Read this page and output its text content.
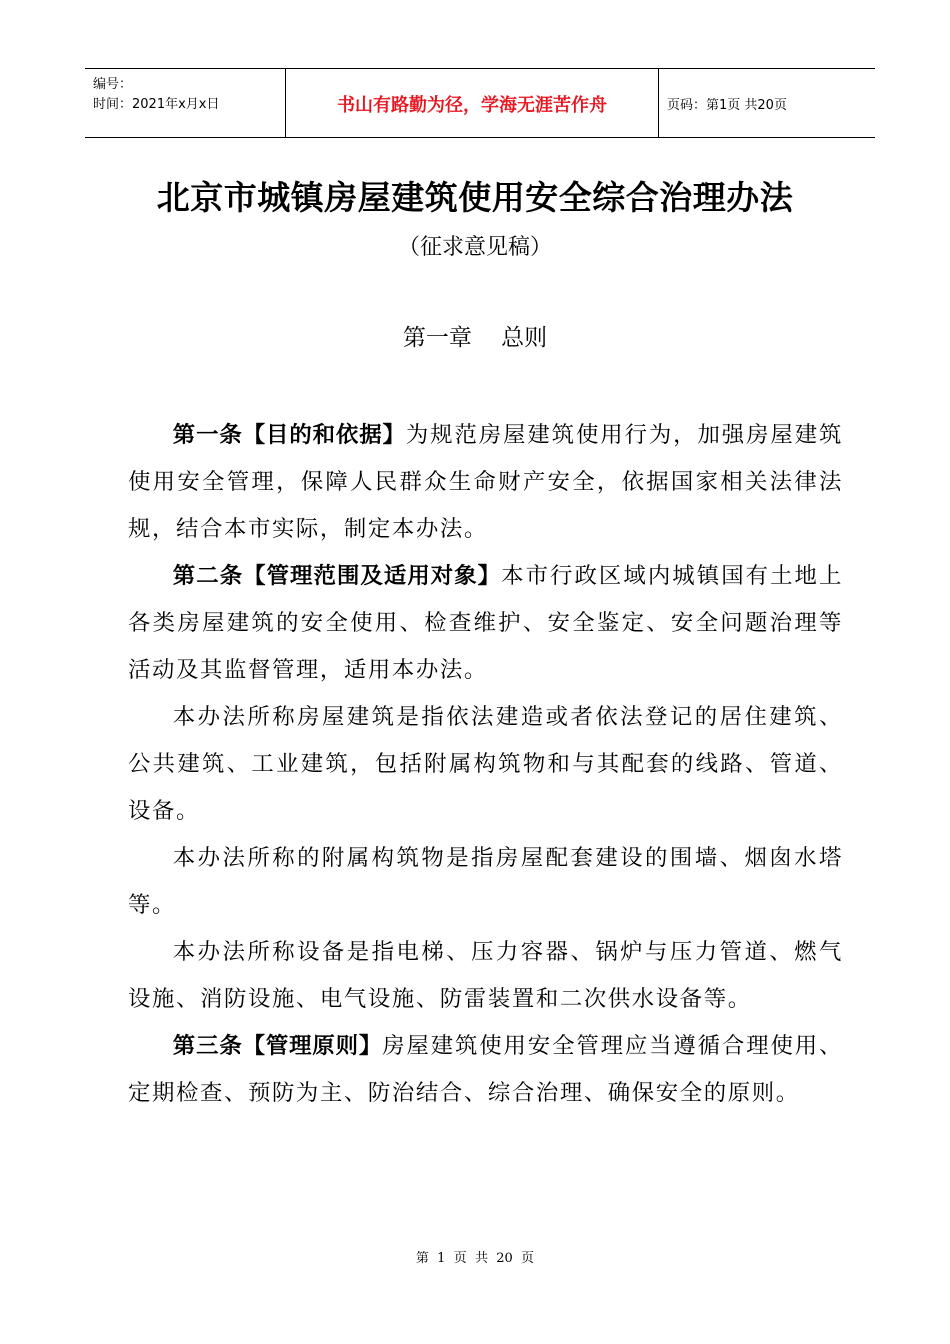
编号：
时间：2021年x月x日	书山有路勤为径，学海无涯苦作舟	页码：第1页 共20页
北京市城镇房屋建筑使用安全综合治理办法
（征求意见稿）
第一章    总则

第一条【目的和依据】为规范房屋建筑使用行为，加强房屋建筑使用安全管理，保障人民群众生命财产安全，依据国家相关法律法规，结合本市实际，制定本办法。

第二条【管理范围及适用对象】本市行政区域内城镇国有土地上各类房屋建筑的安全使用、检查维护、安全鉴定、安全问题治理等活动及其监督管理，适用本办法。

本办法所称房屋建筑是指依法建造或者依法登记的居住建筑、公共建筑、工业建筑，包括附属构筑物和与其配套的线路、管道、设备。

本办法所称的附属构筑物是指房屋配套建设的围墙、烟囱水塔等。

本办法所称设备是指电梯、压力容器、锅炉与压力管道、燃气设施、消防设施、电气设施、防雷装置和二次供水设备等。

第三条【管理原则】房屋建筑使用安全管理应当遵循合理使用、定期检查、预防为主、防治结合、综合治理、确保安全的原则。

第  1  页  共  20  页
